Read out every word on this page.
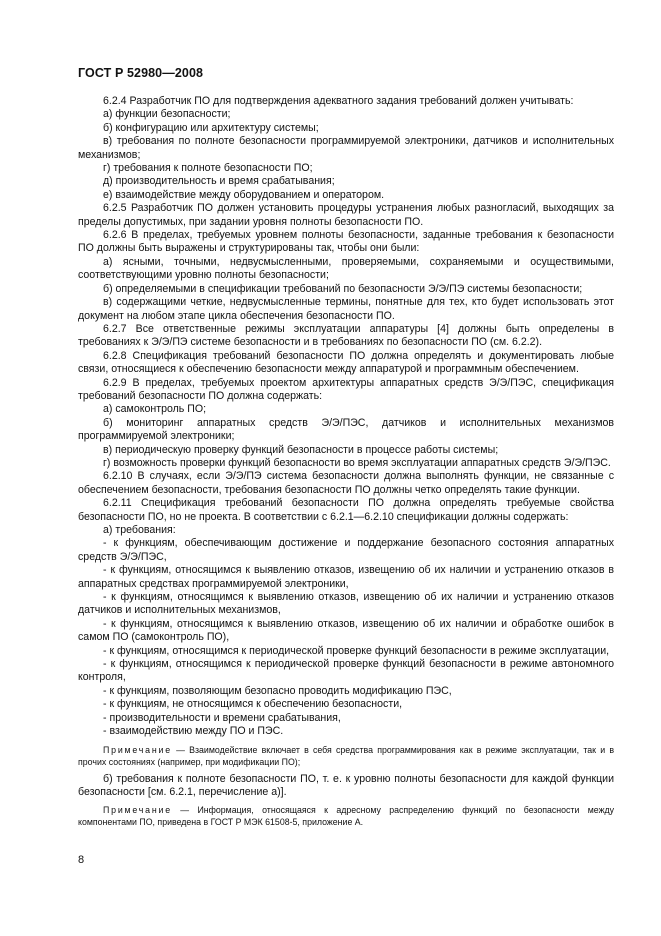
ГОСТ Р 52980—2008

6.2.4 Разработчик ПО для подтверждения адекватного задания требований должен учитывать:

а) функции безопасности;

б) конфигурацию или архитектуру системы;

в) требования по полноте безопасности программируемой электроники, датчиков и исполнительных механизмов;

г) требования к полноте безопасности ПО;

д) производительность и время срабатывания;

е) взаимодействие между оборудованием и оператором.

6.2.5 Разработчик ПО должен установить процедуры устранения любых разногласий, выходящих за пределы допустимых, при задании уровня полноты безопасности ПО.

6.2.6 В пределах, требуемых уровнем полноты безопасности, заданные требования к безопасности ПО должны быть выражены и структурированы так, чтобы они были:

а) ясными, точными, недвусмысленными, проверяемыми, сохраняемыми и осуществимыми, соответствующими уровню полноты безопасности;

б) определяемыми в спецификации требований по безопасности Э/Э/ПЭ системы безопасности;

в) содержащими четкие, недвусмысленные термины, понятные для тех, кто будет использовать этот документ на любом этапе цикла обеспечения безопасности ПО.

6.2.7 Все ответственные режимы эксплуатации аппаратуры [4] должны быть определены в требованиях к Э/Э/ПЭ системе безопасности и в требованиях по безопасности ПО (см. 6.2.2).

6.2.8 Спецификация требований безопасности ПО должна определять и документировать любые связи, относящиеся к обеспечению безопасности между аппаратурой и программным обеспечением.

6.2.9 В пределах, требуемых проектом архитектуры аппаратных средств Э/Э/ПЭС, спецификация требований безопасности ПО должна содержать:

а) самоконтроль ПО;

б) мониторинг аппаратных средств Э/Э/ПЭС, датчиков и исполнительных механизмов программируемой электроники;

в) периодическую проверку функций безопасности в процессе работы системы;

г) возможность проверки функций безопасности во время эксплуатации аппаратных средств Э/Э/ПЭС.

6.2.10 В случаях, если Э/Э/ПЭ система безопасности должна выполнять функции, не связанные с обеспечением безопасности, требования безопасности ПО должны четко определять такие функции.

6.2.11 Спецификация требований безопасности ПО должна определять требуемые свойства безопасности ПО, но не проекта. В соответствии с 6.2.1—6.2.10 спецификации должны содержать:

а) требования:

- к функциям, обеспечивающим достижение и поддержание безопасного состояния аппаратных средств Э/Э/ПЭС,

- к функциям, относящимся к выявлению отказов, извещению об их наличии и устранению отказов в аппаратных средствах программируемой электроники,

- к функциям, относящимся к выявлению отказов, извещению об их наличии и устранению отказов датчиков и исполнительных механизмов,

- к функциям, относящимся к выявлению отказов, извещению об их наличии и обработке ошибок в самом ПО (самоконтроль ПО),

- к функциям, относящимся к периодической проверке функций безопасности в режиме эксплуатации,

- к функциям, относящимся к периодической проверке функций безопасности в режиме автономного контроля,

- к функциям, позволяющим безопасно проводить модификацию ПЭС,

- к функциям, не относящимся к обеспечению безопасности,

- производительности и времени срабатывания,

- взаимодействию между ПО и ПЭС.

Примечание — Взаимодействие включает в себя средства программирования как в режиме эксплуатации, так и в прочих состояниях (например, при модификации ПО);

б) требования к полноте безопасности ПО, т. е. к уровню полноты безопасности для каждой функции безопасности [см. 6.2.1, перечисление а)].

Примечание — Информация, относящаяся к адресному распределению функций по безопасности между компонентами ПО, приведена в ГОСТ Р МЭК 61508-5, приложение А.

8
